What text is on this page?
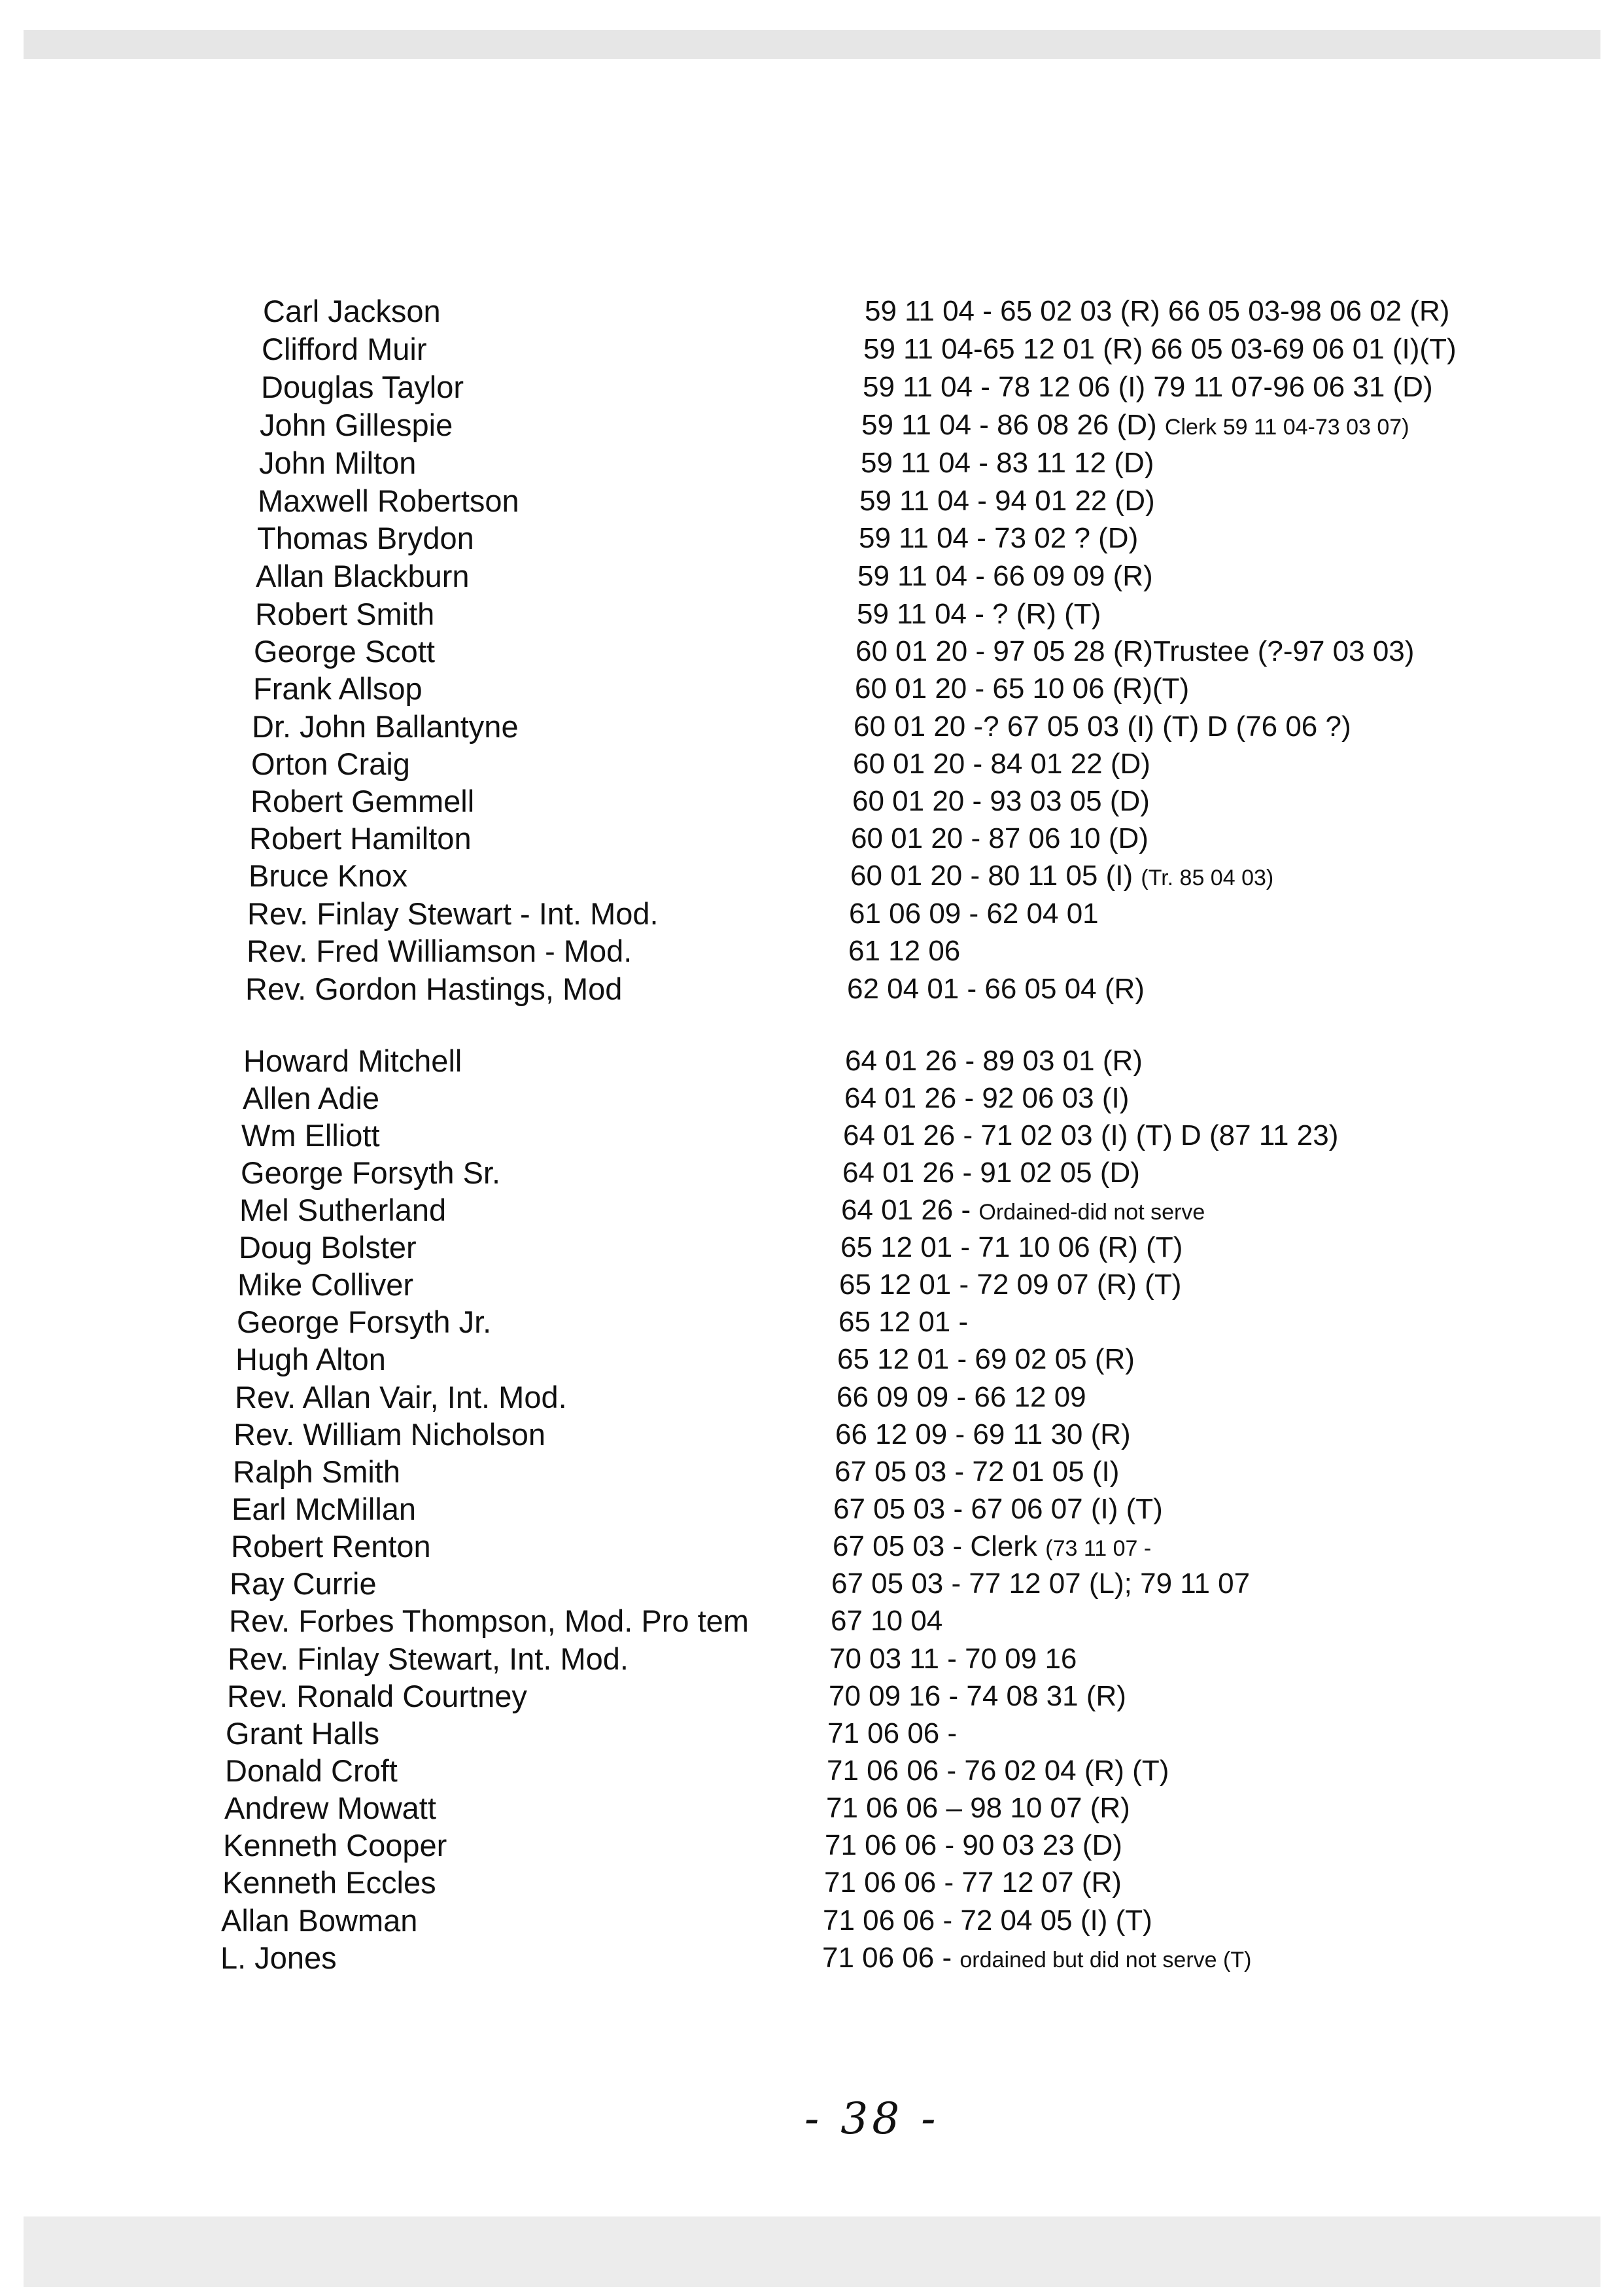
Carl Jackson	59 11 04 - 65 02 03 (R) 66 05 03-98 06 02 (R)
Clifford Muir	59 11 04-65 12 01 (R) 66 05 03-69 06 01 (I)(T)
Douglas Taylor	59 11 04 - 78 12 06 (I) 79 11 07-96 06 31 (D)
John Gillespie	59 11 04 - 86 08 26 (D) Clerk 59 11 04-73 03 07)
John Milton	59 11 04 - 83 11 12 (D)
Maxwell Robertson	59 11 04 - 94 01 22 (D)
Thomas Brydon	59 11 04 - 73 02 ? (D)
Allan Blackburn	59 11 04 - 66 09 09 (R)
Robert Smith	59 11 04 - ? (R) (T)
George Scott	60 01 20 - 97 05 28 (R)Trustee (?-97 03 03)
Frank Allsop	60 01 20 - 65 10 06 (R)(T)
Dr. John Ballantyne	60 01 20 -? 67 05 03 (I) (T) D (76 06 ?)
Orton Craig	60 01 20 - 84 01 22 (D)
Robert Gemmell	60 01 20 - 93 03 05 (D)
Robert Hamilton	60 01 20 - 87 06 10 (D)
Bruce Knox	60 01 20 - 80 11 05 (I) (Tr. 85 04 03)
Rev. Finlay Stewart - Int. Mod.	61 06 09 - 62 04 01
Rev. Fred Williamson - Mod.	61 12 06
Rev. Gordon Hastings, Mod	62 04 01 - 66 05 04 (R)
Howard Mitchell	64 01 26 - 89 03 01 (R)
Allen Adie	64 01 26 - 92 06 03 (I)
Wm Elliott	64 01 26 - 71 02 03 (I) (T) D (87 11 23)
George Forsyth Sr.	64 01 26 - 91 02 05 (D)
Mel Sutherland	64 01 26 - Ordained-did not serve
Doug Bolster	65 12 01 - 71 10 06 (R) (T)
Mike Colliver	65 12 01 - 72 09 07 (R) (T)
George Forsyth Jr.	65 12 01 -
Hugh Alton	65 12 01 - 69 02 05 (R)
Rev. Allan Vair, Int. Mod.	66 09 09 - 66 12 09
Rev. William Nicholson	66 12 09 - 69 11 30 (R)
Ralph Smith	67 05 03 - 72 01 05 (I)
Earl McMillan	67 05 03 - 67 06 07 (I) (T)
Robert Renton	67 05 03 - Clerk (73 11 07 -
Ray Currie	67 05 03 - 77 12 07 (L); 79 11 07
Rev. Forbes Thompson, Mod. Pro tem	67 10 04
Rev. Finlay Stewart, Int. Mod.	70 03 11 - 70 09 16
Rev. Ronald Courtney	70 09 16 - 74 08 31 (R)
Grant Halls	71 06 06 -
Donald Croft	71 06 06 - 76 02 04 (R) (T)
Andrew Mowatt	71 06 06 – 98 10 07 (R)
Kenneth Cooper	71 06 06 - 90 03 23 (D)
Kenneth Eccles	71 06 06 - 77 12 07 (R)
Allan Bowman	71 06 06 - 72 04 05 (I) (T)
L. Jones	71 06 06 - ordained but did not serve (T)
- 38 -
